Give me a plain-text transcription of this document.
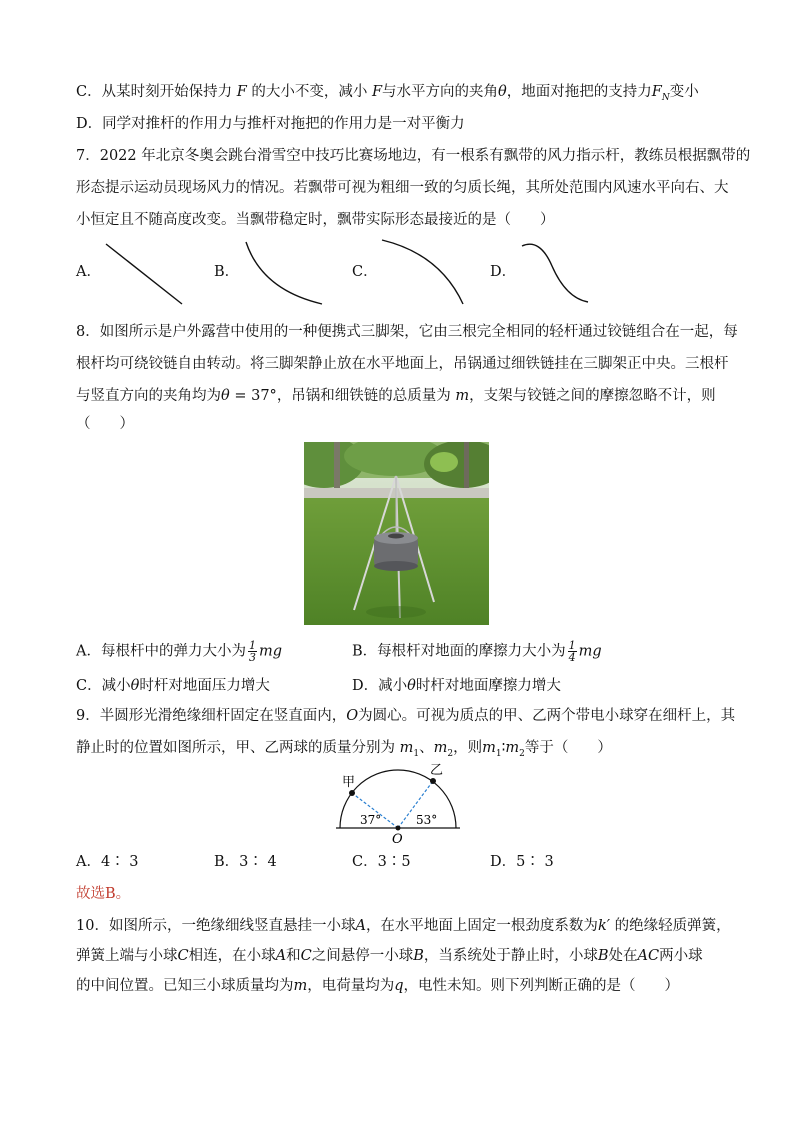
C．从某时刻开始保持力 F 的大小不变，减小 F与水平方向的夹角θ，地面对拖把的支持力$F_N$变小
D．同学对推杆的作用力与推杆对拖把的作用力是一对平衡力
7．2022 年北京冬奥会跳台滑雪空中技巧比赛场地边，有一根系有飘带的风力指示杆，教练员根据飘带的
形态提示运动员现场风力的情况。若飘带可视为粗细一致的匀质长绳，其所处范围内风速水平向右、大
小恒定且不随高度改变。当飘带稳定时，飘带实际形态最接近的是（　　）
A．	B．	C．	D．
8．如图所示是户外露营中使用的一种便携式三脚架，它由三根完全相同的轻杆通过铰链组合在一起，每
根杆均可绕铰链自由转动。将三脚架静止放在水平地面上，吊锅通过细铁链挂在三脚架正中央。三根杆
与竖直方向的夹角均为θ = 37°，吊锅和细铁链的总质量为 m，支架与铰链之间的摩擦忽略不计，则
（　　）
A．每根杆中的弹力大小为 $\frac{1}{3}$ mg	B．每根杆对地面的摩擦力大小为 $\frac{1}{4}$ mg
C．减小θ时杆对地面压力增大	D．减小θ时杆对地面摩擦力增大
9．半圆形光滑绝缘细杆固定在竖直面内，O为圆心。可视为质点的甲、乙两个带电小球穿在细杆上，其
静止时的位置如图所示，甲、乙两球的质量分别为 $m_1$、$m_2$，则$m_1∶m_2$等于（　　）
甲
乙
37°	53°
O
A．4∶ 3	B．3∶ 4	C．3∶5	D．5∶ 3
故选B。
10．如图所示，一绝缘细线竖直悬挂一小球A，在水平地面上固定一根劲度系数为k′ 的绝缘轻质弹簧，
弹簧上端与小球C相连，在小球A和C之间悬停一小球B，当系统处于静止时，小球B处在AC两小球
的中间位置。已知三小球质量均为m，电荷量均为q，电性未知。则下列判断正确的是（　　）
